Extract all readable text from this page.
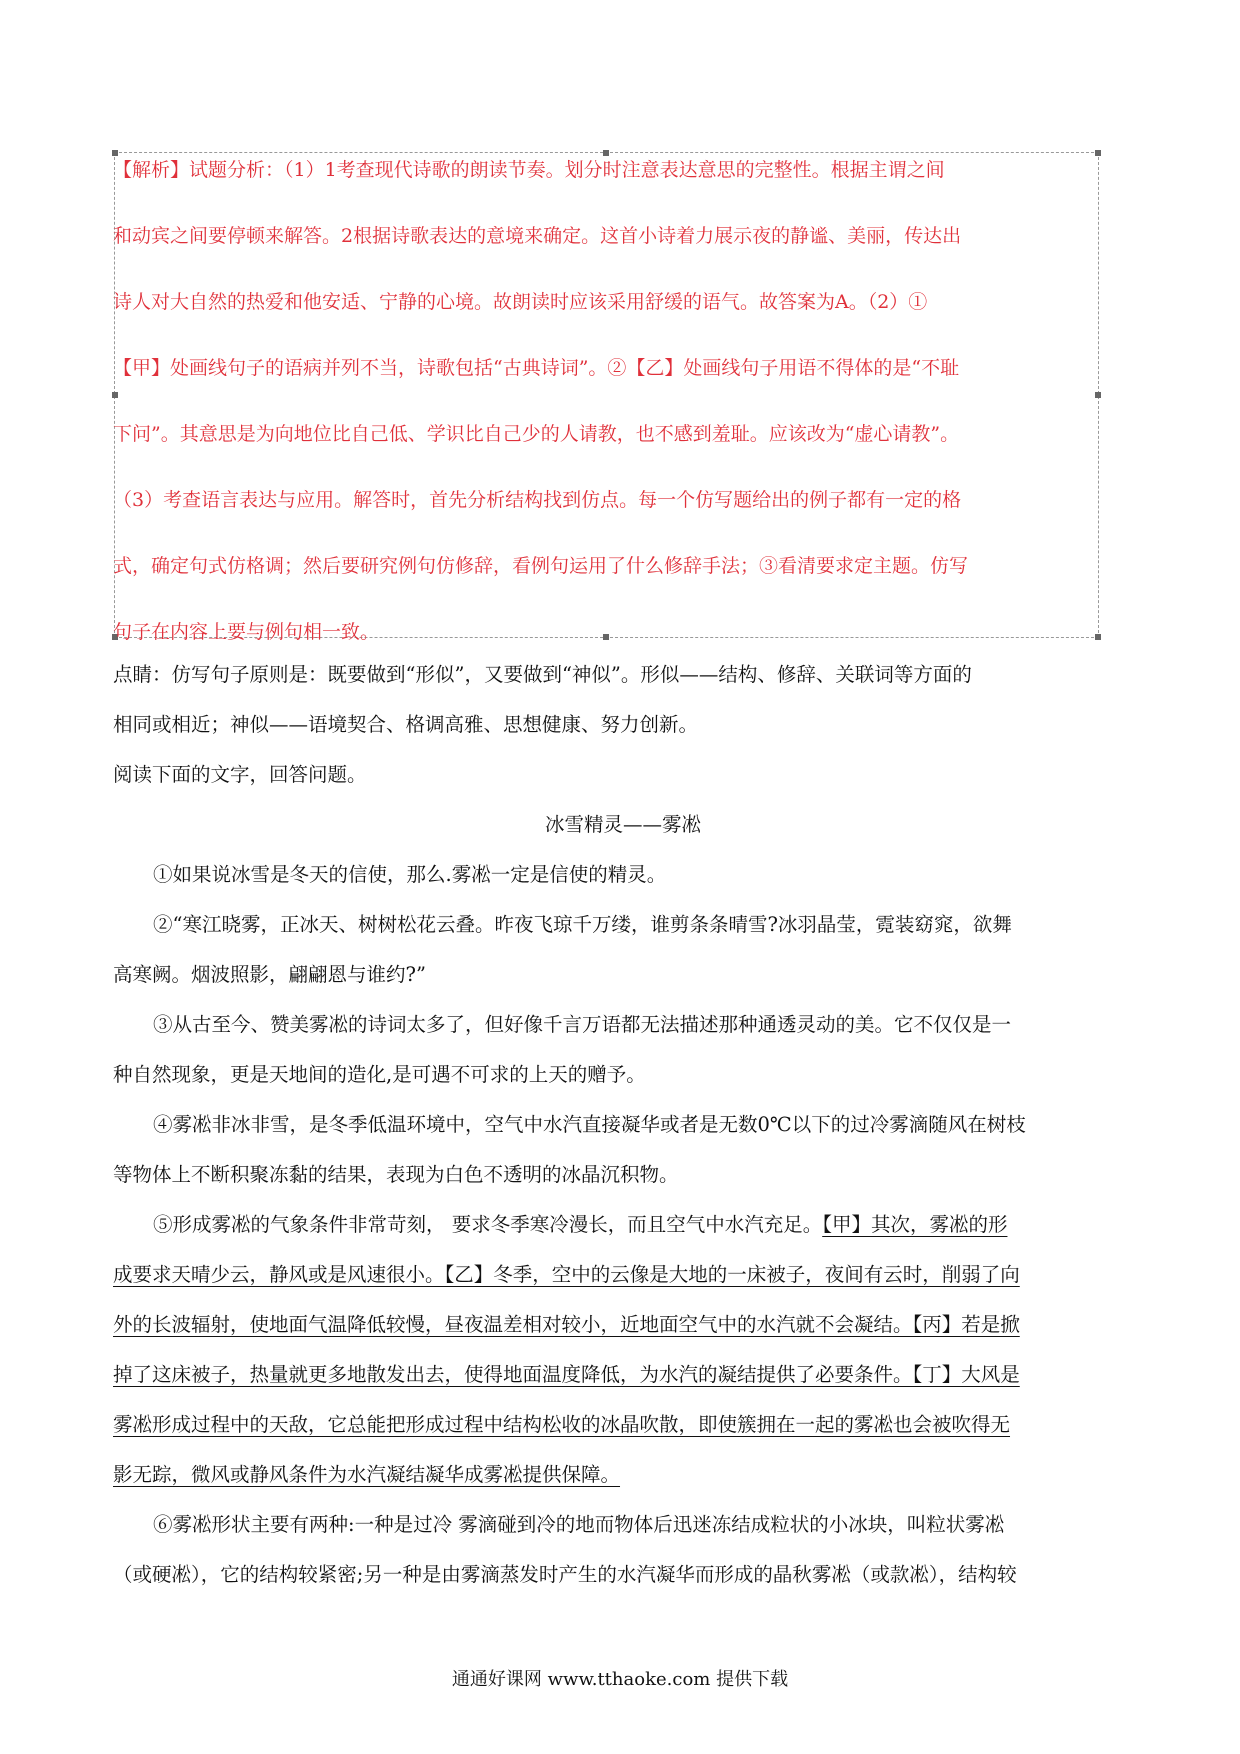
【解析】试题分析：（1）1考查现代诗歌的朗读节奏。划分时注意表达意思的完整性。根据主谓之间

和动宾之间要停顿来解答。2根据诗歌表达的意境来确定。这首小诗着力展示夜的静谧、美丽，传达出

诗人对大自然的热爱和他安适、宁静的心境。故朗读时应该采用舒缓的语气。故答案为A。（2）①

【甲】处画线句子的语病并列不当，诗歌包括“古典诗词”。②【乙】处画线句子用语不得体的是“不耻

下问”。其意思是为向地位比自己低、学识比自己少的人请教，也不感到羞耻。应该改为“虚心请教”。

（3）考查语言表达与应用。解答时，首先分析结构找到仿点。每一个仿写题给出的例子都有一定的格

式，确定句式仿格调；然后要研究例句仿修辞，看例句运用了什么修辞手法；③看清要求定主题。仿写

句子在内容上要与例句相一致。

点睛：仿写句子原则是：既要做到“形似”，又要做到“神似”。形似——结构、修辞、关联词等方面的

相同或相近；神似——语境契合、格调高雅、思想健康、努力创新。

阅读下面的文字，回答问题。

冰雪精灵——雾凇

①如果说冰雪是冬天的信使，那么.雾凇一定是信使的精灵。

②“寒江晓雾，正冰天、树树松花云叠。昨夜飞琼千万缕，谁剪条条晴雪?冰羽晶莹，霓装窈窕，欲舞

高寒阙。烟波照影，翩翩恩与谁约?”

③从古至今、赞美雾凇的诗词太多了，但好像千言万语都无法描述那种通透灵动的美。它不仅仅是一

种自然现象，更是天地间的造化,是可遇不可求的上天的赠予。

④雾凇非冰非雪，是冬季低温环境中，空气中水汽直接凝华或者是无数0℃以下的过冷雾滴随风在树枝

等物体上不断积聚冻黏的结果，表现为白色不透明的冰晶沉积物。

⑤形成雾凇的气象条件非常苛刻， 要求冬季寒冷漫长，而且空气中水汽充足。【甲】其次，雾凇的形

成要求天晴少云，静风或是风速很小。【乙】冬季，空中的云像是大地的一床被子，夜间有云时，削弱了向

外的长波辐射，使地面气温降低较慢，昼夜温差相对较小，近地面空气中的水汽就不会凝结。【丙】若是掀

掉了这床被子，热量就更多地散发出去，使得地面温度降低，为水汽的凝结提供了必要条件。【丁】大风是

雾凇形成过程中的天敌，它总能把形成过程中结构松收的冰晶吹散，即使簇拥在一起的雾凇也会被吹得无

影无踪，微风或静风条件为水汽凝结凝华成雾凇提供保障。

⑥雾凇形状主要有两种:一种是过冷 雾滴碰到冷的地而物体后迅迷冻结成粒状的小冰块，叫粒状雾凇

（或硬凇），它的结构较紧密;另一种是由雾滴蒸发时产生的水汽凝华而形成的晶秋雾凇（或款凇），结构较

通通好课网 www.tthaoke.com 提供下载
